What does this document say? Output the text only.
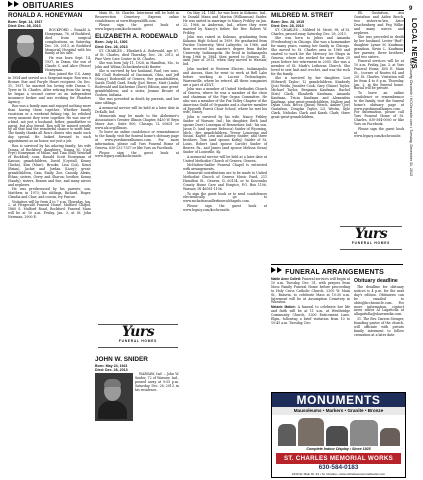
OBITUARIES

RONALD A. HONEYMAN

Born: Sept. 14, 1937
Died: Dec. 28, 2013

ROCKFORD – Ronald A. Honeyman, 76, of Rockford, died from surgical complications on Saturday, Dec. 28, 2013, at Rockford Memorial Hospital with his family at his side.

He was born Sept. 14, 1937, in Dixon, the son of Claude C. and Alice (Pease) Honeyman.

Ron joined the U.S. Army in 1954 and served as a Sergeant major. Ron was a Bronze Star and Purple Heart recipient. On Dec. 31, 1957, he married his loving wife Donna C. Tyrer in St. Charles. After retiring from the Army, he began a second career as an independent insurance broker and was working for Flanders Agency.

Ron was a family man and enjoyed nothing more than having them together. Whether family vacations or a weekend fishing trip, he relished every moment they were together. He was one-of-a-kind, not just a husband, father, grandfather or agent, but also friend. Ron will be missed greatly by all that had the wonderful chance to meet him. The family thanks all Ron's clients who made each day special. He looked forward to each appointment as an honor, not just a job.

Ron is survived by his adoring family; his wife Donna of Rockford; daughters, Donna M. (Carl Frye) Honeyman of Milan, and Tina (Bill) Wenzlaff of Rockford; sons, Ronald Scott Honeyman of Kansas; grandchildren, David (Crystal), Kenny (Tasha), Kim (Marc), Brooke, Lisa (Liz), Kenzi (Brian), Jackie and Jordan (Lizzy); great-grandchildren, Cam, Emily, Zoe, Cassidy, Alexis, Ethan; sisters, Gerry and Sharon; brother, Kenny (Sandy); sisters, Bonnie and Sue; and many nieces and nephews.

He was predeceased by his parents; son, Matthew, in 1973; his siblings, Richard, Roger, Claudia and Char; and cousin, Ivy Pascue.

Visitation will be from 4 to 7 p.m. Thursday, Jan. 2, at Fitzgerald Funeral Home, Mulford Chapel, 1860 S. Mulford Road, Rockford. Funeral Mass will be at 10 a.m. Friday, Jan. 3, at St. John Newman, 2900 E.

Main St., St. Charles. Interment will be held in Resurrection Cemetery. Express online condolences at www.fitzgeraldfh.com.

Please sign the guest book at www.legacy.com/kcchronicle.

ELIZABETH A. RODEWALD

Born: July 11, 1926
Died: Dec. 28, 2013

ST. CHARLES – Elizabeth A. Rodewald, age 87, of St. Charles, died Thursday, Dec. 26, 2013, at Pine View Care Center in St. Charles.

She was born July 11, 1926, in Hamilton, Mo., to John and Wilma (Scheckenbrock) Baxter.

She is survived by her husband, Paul; two sons, Bill (Gail) Rodewald of Cincinnati, Ohio, and Jeff (Nancy) Rodewald of Geneva; five grandchildren, Sarah (Todd) Gard, Emily (Joe) Reece, Matt (Linda) Rodewald and Katherine (Dave) Edison; nine great-grandchildren; and a sister, Jeanne Brouer of Goshen, Indiana.

She was preceded in death by parents, and her nine siblings.

A memorial service will be held at a later date in DeKalb, Ind.

Memorials may be made to the Alzheimer's Association's Greater Illinois Chapter, 8430 W. Bryn Mawr Ave., Suite 800, Chicago, IL 60631 or www.alz.org/illinois.

To leave an online condolence or remembrance to the family, visit the funeral home's obituary page at www.yursfuneralhomes.com. For more information, please call Yurs Funeral Home of Geneva, 630-232-7337 or like Yurs on Facebook.

Please sign the guest book at www.legacy.com/kcchronicle.

Yurs
FUNERAL HOMES

JOHN W. SNIDER

Born: May 24, 1941
Died: Dec. 28, 2013

WARSAW, Ind. – John W. Snider, 72 of Warsaw, Ind., passed away at 9:55 p.m. Saturday, Dec. 28, 2013, in his residence.

On May 24, 1941, he was born in Kokomo, Ind., to Donald Mann and Marion (Williamson) Snider. He was united in marriage to Nancy Fribley on Jan. 22, 1966, in Anderson, Ind., where they were married by Nancy's father, the Rev. Robert W. Fribley.

John was raised in Kokomo, graduating from Kokomo High School in 1959. He graduated from Purdue University, West Lafayette, in 1966, and then received his master's degree from Butler University, Indianapolis. He lived in Indianapolis from 1966 to 1984, then moved to Geneva, Ill., until June of 2013, when they moved to Warsaw, Ind.

John worked at Western Electric, Indianapolis and Aurora, then he went to work at Bell Labs before working at Lucent Technologies, Warrenville, where he retired. All these companies are a part of AT&T.

John was a member of United Methodist Church of Geneva, where he was a member of the choir and chairman of the Pipe Organ Committee. He also was a member of the Fox Valley Chapter of the American Guild of Organists and a charter member of Epworth Forest Choir School, where he met his wife, Nancy.

John is survived by his wife, Nancy Fribley Snider of Warsaw, Ind.; his daughter, Beth (and spouse Dave) Lonergan of Rensselaer, Ind.; his son, Jason D. (and spouse Rebecca) Snider of Wyoming, Mich.; five grandchildren, Trevor Lonergan and Susan, Kaylie, Lexi and Aubrey Snider; and three brothers, Tom (and spouse Kathy) Snider of St. Louis, Robert (and spouse Carole) Snider of Beaver, Pa., and James (and spouse Melissa Swan) Snider of Louisville, Ky.

A memorial service will be held at a later date at United Methodist Church of Geneva, Geneva.

McHatton-Sadler Funeral Chapel is entrusted with arrangements.

Memorial contributions are to be made to United Methodist Church of Geneva Music Fund, 211 Hamilton St., Geneva, IL 60134, or to Kosciusko County Home Care and Hospice, P.O. Box 1106, Warsaw, IN 46581-1106.

To sign the guest book or to send condolences electronically, go to www.mchattonsadlerfuneralchapels.com.

Please sign the guest book at www.legacy.com/kcchronicle.

MILDRED M. STREIT

Born: Dec. 28, 1915
Died: Dec. 28, 2013

ST. CHARLES – Mildred M. Streit, 98, of St. Charles, passed away Saturday, Dec. 28, 2013.

She was born to Julius and Amanda (Fredendorg) in Chicago. She was a homemaker for many years, raising her family in Chicago. She moved to St. Charles area in 1960 and started to work for the Mercury Ice Shops in Geneva, where she worked for more than 20 years before her retirement in 2005. She was a member of St. Mark's Lutheran Church. She loved to sew, knit and crochet, and was the rock for the family.

She is survived by her daughter, Lori (Edward) Taylor; 12 grandchildren, Kimberly (Jon) Weida, Jennifer Cook, Gary (Diane) Taylor, Michael Taylor, Benjamin Kaufman, Rachel (Kris) Clark, Elizabeth Kaufman, Amanda Kaufman, Tricia Kaufman and Alexandria Kaufman; nine great-grandchildren, Mallory and Dylan Cook, Becca (Jason) Wesch, Amber (Joe) Gustafson, Douglas Taylor, Lil, Westin, Kyle Clark, Nicholas Clark and Karah Clark; three great-great-grandchildren,

Eli Gustafson, Ava Gustafson and Aiden Besch; two sisters-in-law, Arice Drachenberg and Peg Wilke; and many nieces and nephews.

She was preceded in death by her husband, Lester "Bud"; daughter Lynne M. Kaufman; grandson, Kevin L. Kaufman; her parents; three brothers; and two sisters.

Funeral services will be at 10 a.m. Friday, Jan. 3, at Yurs Funeral Home, 405 E. Main St., (corner of Routes 64 and 25) St. Charles. Visitation will be from 4 to 8 p.m. Thursday, Jan. 2, at the funeral home. Burial will be private.

To leave an online condolence or remembrance to the family, visit the funeral home's obituary page at www.yursfuneralhomes.com. For information, please call Yurs Funeral Home of St. Charles, 630-584-0060 or like Yurs on Facebook.

Please sign the guest book at www.legacy.com/kcchronicle.

Yurs
FUNERAL HOMES
FUNERAL ARRANGEMENTS

Mattie Anne Collett: Funeral services will begin at 10 a.m. Tuesday, Dec. 31, with prayers from Moss Family Funeral Home before proceeding to Holy Cross Catholic Church, 2300 W. Main St., Batavia, to celebrate Mass at 10:30 a.m. Interment will be at Assumption Cemetery in Wheaton.

Melanie Matich: A funeral to celebrate her life and faith will be at 11 a.m. at Westbridge Community Church, 3300 Enticement Lane, Elgin, following a brief visitation from 10 to 10:45 a.m. Tuesday, Dec.

Obituary deadline

The deadline for obituary notices is 4 p.m. for the next day's edition. Obituaries can be emailed to obits@kcchronicle.com. For more information, contact news editor Al Lagattolla at allagattolla@shawmedia.com.

31. The Rev. Darron Stenger, founding pastor of the church, will officiate with private family interment to follow cremation at a later date.

MONUMENTS
Mausoleums • Markers • Granite • Bronze
Complete Indoor Display • Since 1925
ST. CHARLES MEMORIAL WORKS
630-584-0183
1640 W. Main Rt. 64 • St. Charles • www.stcharlesmemorialworks.com
9
LOCAL NEWS
Kane County Chronicle / KCChronicle.com • Tuesday, December 31, 2013
